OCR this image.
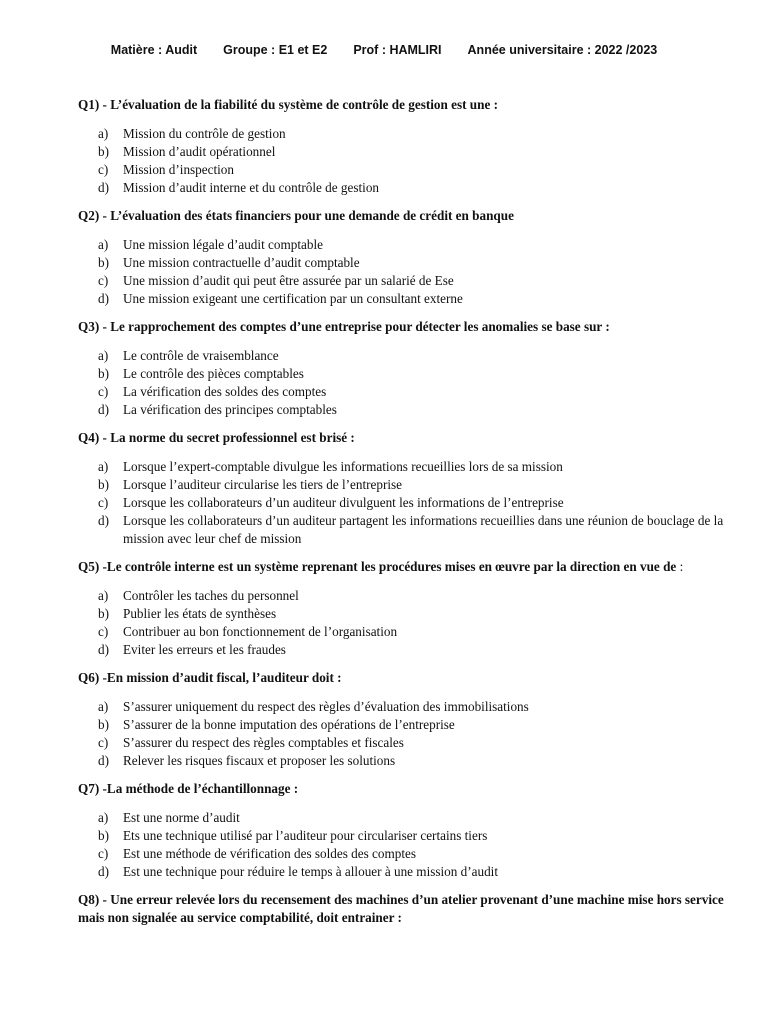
Matière : Audit Groupe : E1 et E2 Prof : HAMLIRI Année universitaire : 2022 /2023
Q1) - L’évaluation de la fiabilité du système de contrôle de gestion est une :
a) Mission du contrôle de gestion
b) Mission d’audit opérationnel
c) Mission d’inspection
d) Mission d’audit interne et du contrôle de gestion
Q2) - L’évaluation des états financiers pour une demande de crédit en banque
a) Une mission légale d’audit comptable
b) Une mission contractuelle d’audit comptable
c) Une mission d’audit qui peut être assurée par un salarié de Ese
d) Une mission exigeant une certification par un consultant externe
Q3) - Le rapprochement des comptes d’une entreprise pour détecter les anomalies se base sur :
a) Le contrôle de vraisemblance
b) Le contrôle des pièces comptables
c) La vérification des soldes des comptes
d) La vérification des principes comptables
Q4) - La norme du secret professionnel est brisé :
a) Lorsque l’expert-comptable divulgue les informations recueillies lors de sa mission
b) Lorsque l’auditeur circularise les tiers de l’entreprise
c) Lorsque les collaborateurs d’un auditeur divulguent les informations de l’entreprise
d) Lorsque les collaborateurs d’un auditeur partagent les informations recueillies dans une réunion de bouclage de la mission avec leur chef de mission
Q5) -Le contrôle interne est un système reprenant les procédures mises en œuvre par la direction en vue de :
a) Contrôler les taches du personnel
b) Publier les états de synthèses
c) Contribuer au bon fonctionnement de l’organisation
d) Eviter les erreurs et les fraudes
Q6) -En mission d’audit fiscal, l’auditeur doit :
a) S’assurer uniquement du respect des règles d’évaluation des immobilisations
b) S’assurer de la bonne imputation des opérations de l’entreprise
c) S’assurer du respect des règles comptables et fiscales
d) Relever les risques fiscaux et proposer les solutions
Q7) -La méthode de l’échantillonnage :
a) Est une norme d’audit
b) Ets une technique utilisé par l’auditeur pour circulariser certains tiers
c) Est une méthode de vérification des soldes des comptes
d) Est une technique pour réduire le temps à allouer à une mission d’audit
Q8) - Une erreur relevée lors du recensement des machines d’un atelier provenant d’une machine mise hors service mais non signalée au service comptabilité, doit entrainer :
